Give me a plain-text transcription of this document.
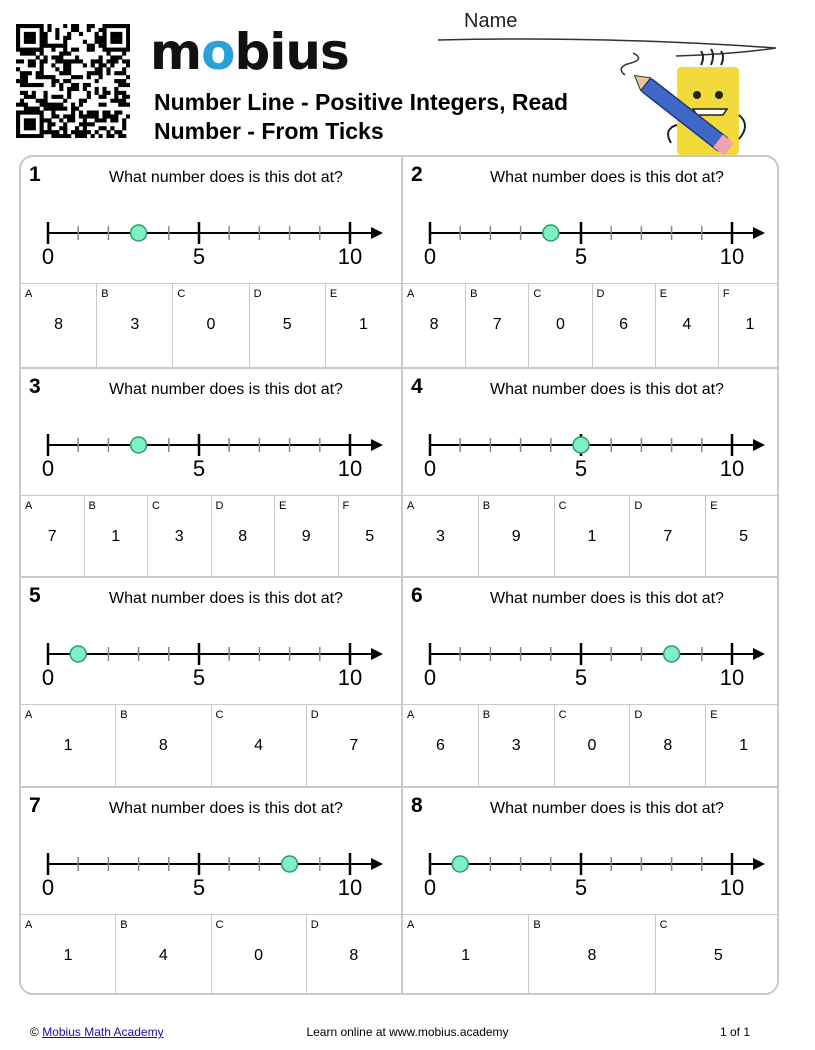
mobius
Number Line - Positive Integers, Read Number - From Ticks
Name
1	What number does is this dot at?
0	5	10
A
8
B
3
C
0
D
5
E
1
2	What number does is this dot at?
0	5	10
A
8
B
7
C
0
D
6
E
4
F
1
3	What number does is this dot at?
0	5	10
A
7
B
1
C
3
D
8
E
9
F
5
4	What number does is this dot at?
0	5	10
A
3
B
9
C
1
D
7
E
5
5	What number does is this dot at?
0	5	10
A
1
B
8
C
4
D
7
6	What number does is this dot at?
0	5	10
A
6
B
3
C
0
D
8
E
1
7	What number does is this dot at?
0	5	10
A
1
B
4
C
0
D
8
8	What number does is this dot at?
0	5	10
A
1
B
8
C
5
© Mobius Math Academy	Learn online at www.mobius.academy	1 of 1
